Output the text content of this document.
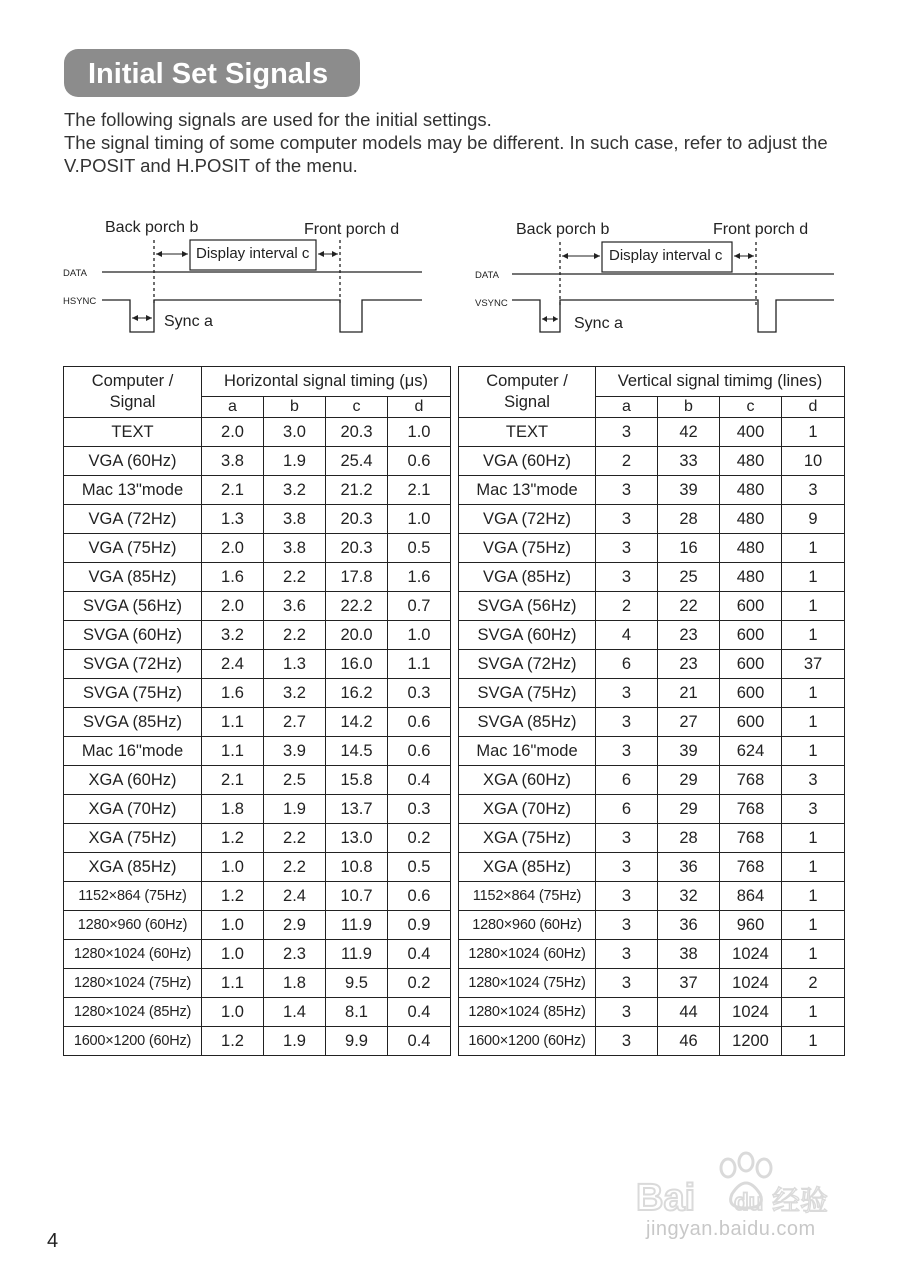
Initial Set Signals

The following signals are used for the initial settings.

The signal timing of some computer models may be different. In such case, refer to adjust the V.POSIT and H.POSIT of the menu.

Back porch b	Front porch d
Display interval c
DATA
HSYNC
Sync a
Back porch b	Front porch d
Display interval c
DATA
VSYNC
Sync a
Computer / Signal	Horizontal signal timing (μs)			
	a	b	c	d
TEXT	2.0	3.0	20.3	1.0
VGA (60Hz)	3.8	1.9	25.4	0.6
Mac 13"mode	2.1	3.2	21.2	2.1
VGA (72Hz)	1.3	3.8	20.3	1.0
VGA (75Hz)	2.0	3.8	20.3	0.5
VGA (85Hz)	1.6	2.2	17.8	1.6
SVGA (56Hz)	2.0	3.6	22.2	0.7
SVGA (60Hz)	3.2	2.2	20.0	1.0
SVGA (72Hz)	2.4	1.3	16.0	1.1
SVGA (75Hz)	1.6	3.2	16.2	0.3
SVGA (85Hz)	1.1	2.7	14.2	0.6
Mac 16"mode	1.1	3.9	14.5	0.6
XGA (60Hz)	2.1	2.5	15.8	0.4
XGA (70Hz)	1.8	1.9	13.7	0.3
XGA (75Hz)	1.2	2.2	13.0	0.2
XGA (85Hz)	1.0	2.2	10.8	0.5
1152×864 (75Hz)	1.2	2.4	10.7	0.6
1280×960 (60Hz)	1.0	2.9	11.9	0.9
1280×1024 (60Hz)	1.0	2.3	11.9	0.4
1280×1024 (75Hz)	1.1	1.8	9.5	0.2
1280×1024 (85Hz)	1.0	1.4	8.1	0.4
1600×1200 (60Hz)	1.2	1.9	9.9	0.4
Computer / Signal	Vertical signal timimg (lines)			
	a	b	c	d
TEXT	3	42	400	1
VGA (60Hz)	2	33	480	10
Mac 13"mode	3	39	480	3
VGA (72Hz)	3	28	480	9
VGA (75Hz)	3	16	480	1
VGA (85Hz)	3	25	480	1
SVGA (56Hz)	2	22	600	1
SVGA (60Hz)	4	23	600	1
SVGA (72Hz)	6	23	600	37
SVGA (75Hz)	3	21	600	1
SVGA (85Hz)	3	27	600	1
Mac 16"mode	3	39	624	1
XGA (60Hz)	6	29	768	3
XGA (70Hz)	6	29	768	3
XGA (75Hz)	3	28	768	1
XGA (85Hz)	3	36	768	1
1152×864 (75Hz)	3	32	864	1
1280×960 (60Hz)	3	36	960	1
1280×1024 (60Hz)	3	38	1024	1
1280×1024 (75Hz)	3	37	1024	2
1280×1024 (85Hz)	3	44	1024	1
1600×1200 (60Hz)	3	46	1200	1
4
Bai du 经验
jingyan.baidu.com
